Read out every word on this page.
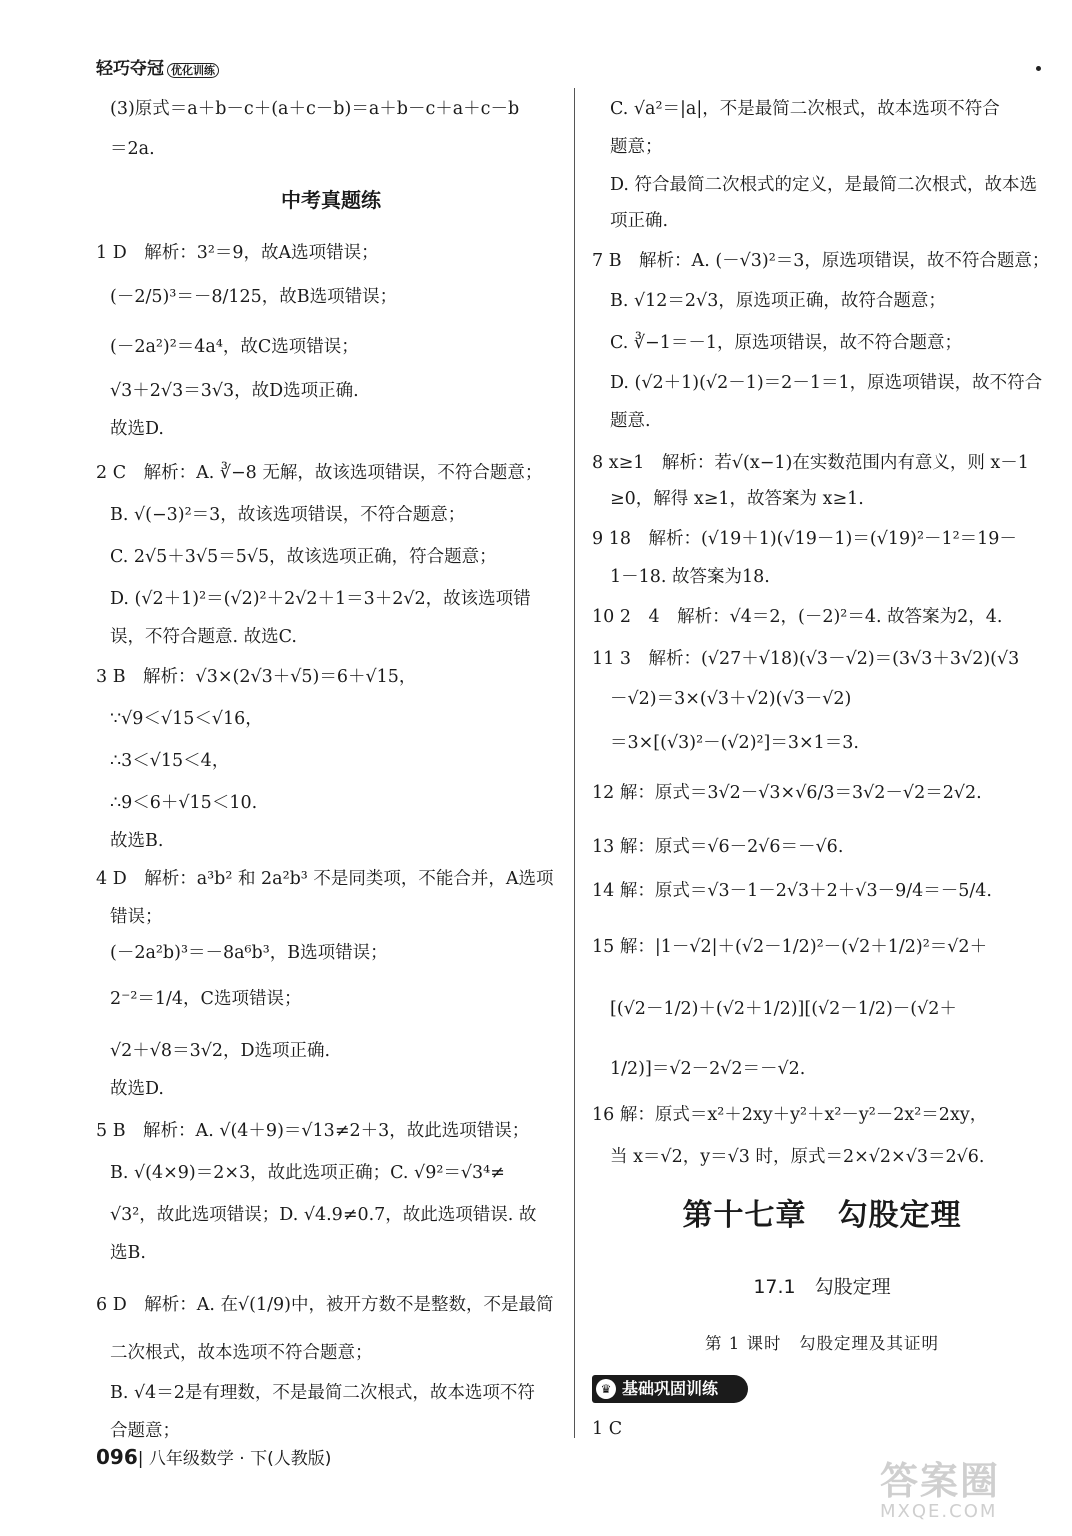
轻巧夺冠 优化训练
中考真题练
(3)原式＝a＋b－c＋(a＋c－b)＝a＋b－c＋a＋c－b
＝2a.
1 D　解析：3²＝9，故A选项错误；
(－2/5)³＝－8/125，故B选项错误；
(－2a²)²＝4a⁴，故C选项错误；
√3＋2√3＝3√3，故D选项正确.
故选D.
2 C　解析：A. ∛−8 无解，故该选项错误，不符合题意；
B. √(−3)²＝3，故该选项错误，不符合题意；
C. 2√5＋3√5＝5√5，故该选项正确，符合题意；
D. (√2＋1)²＝(√2)²＋2√2＋1＝3＋2√2，故该选项错
误，不符合题意. 故选C.
3 B　解析：√3×(2√3＋√5)＝6＋√15，
∵√9＜√15＜√16，
∴3＜√15＜4，
∴9＜6＋√15＜10.
故选B.
4 D　解析：a³b² 和 2a²b³ 不是同类项，不能合并，A选项
错误；
(－2a²b)³＝－8a⁶b³，B选项错误；
2⁻²＝1/4，C选项错误；
√2＋√8＝3√2，D选项正确.
故选D.
5 B　解析：A. √(4＋9)＝√13≠2＋3，故此选项错误；
B. √(4×9)＝2×3，故此选项正确；C. √9²＝√3⁴≠
√3²，故此选项错误；D. √4.9≠0.7，故此选项错误. 故
选B.
6 D　解析：A. 在√(1/9)中，被开方数不是整数，不是最简
二次根式，故本选项不符合题意；
B. √4＝2是有理数，不是最简二次根式，故本选项不符
合题意；
第十七章　勾股定理
17.1　勾股定理
第 1 课时　勾股定理及其证明
♛ 基础巩固训练
C. √a²＝|a|，不是最简二次根式，故本选项不符合
题意；
D. 符合最简二次根式的定义，是最简二次根式，故本选
项正确.
7 B　解析：A. (－√3)²＝3，原选项错误，故不符合题意；
B. √12＝2√3，原选项正确，故符合题意；
C. ∛−1＝－1，原选项错误，故不符合题意；
D. (√2＋1)(√2－1)＝2－1＝1，原选项错误，故不符合
题意.
8 x≥1　解析：若√(x−1)在实数范围内有意义，则 x－1
≥0，解得 x≥1，故答案为 x≥1.
9 18　解析：(√19＋1)(√19－1)＝(√19)²－1²＝19－
1－18. 故答案为18.
10 2　4　解析：√4＝2，(－2)²＝4. 故答案为2，4.
11 3　解析：(√27＋√18)(√3－√2)＝(3√3＋3√2)(√3
－√2)＝3×(√3＋√2)(√3－√2)
＝3×[(√3)²－(√2)²]＝3×1＝3.
12 解：原式＝3√2－√3×√6/3＝3√2－√2＝2√2.
13 解：原式＝√6－2√6＝－√6.
14 解：原式＝√3－1－2√3＋2＋√3－9/4＝－5/4.
15 解：|1－√2|＋(√2－1/2)²－(√2＋1/2)²＝√2＋
[(√2－1/2)＋(√2＋1/2)][(√2－1/2)－(√2＋
1/2)]＝√2－2√2＝－√2.
16 解：原式＝x²＋2xy＋y²＋x²－y²－2x²＝2xy，
当 x＝√2，y＝√3 时，原式＝2×√2×√3＝2√6.
1 C
096| 八年级数学 · 下(人教版)	答案圈
MXQE.COM
